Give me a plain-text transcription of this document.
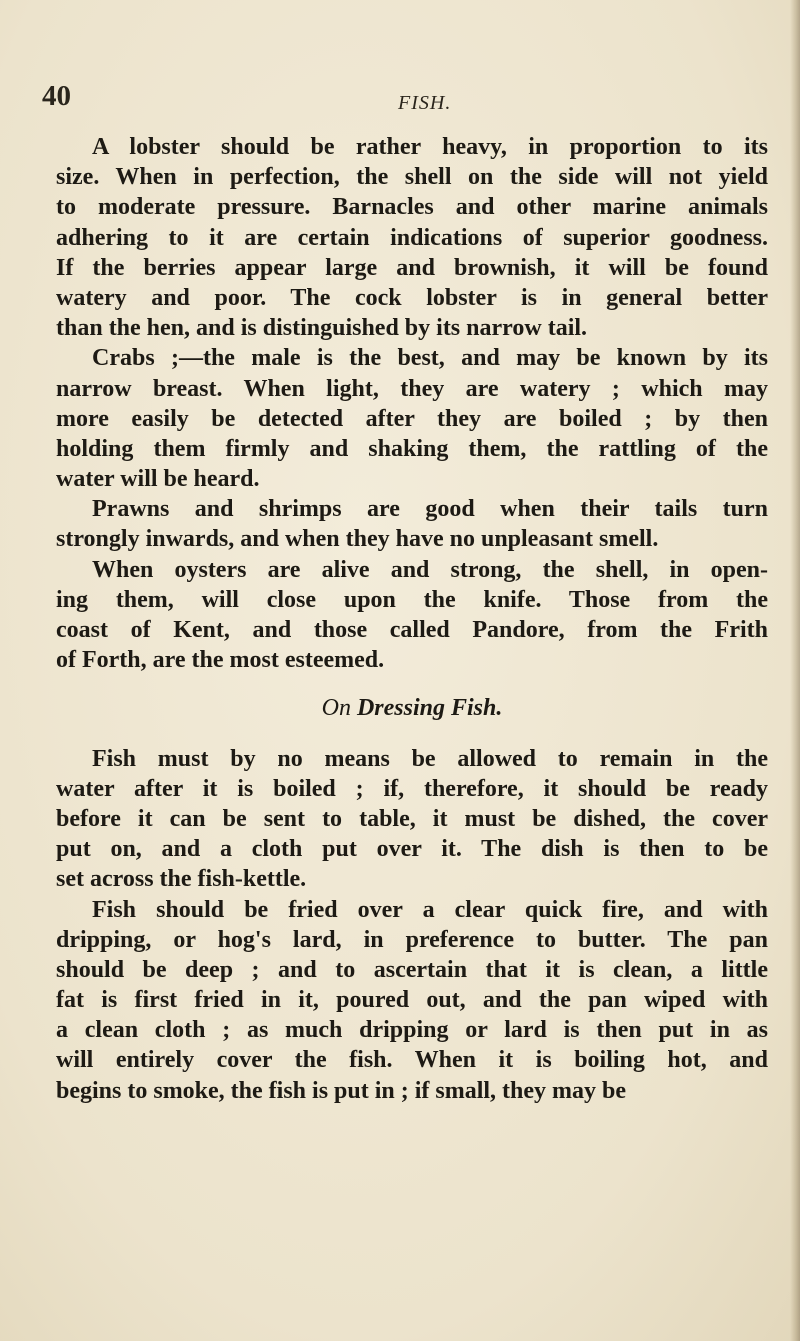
40	FISH.
A lobster should be rather heavy, in proportion to its
size. When in perfection, the shell on the side will not yield
to moderate pressure. Barnacles and other marine animals
adhering to it are certain indications of superior goodness.
If the berries appear large and brownish, it will be found
watery and poor. The cock lobster is in general better
than the hen, and is distinguished by its narrow tail.
Crabs ;—the male is the best, and may be known by its
narrow breast. When light, they are watery ; which may
more easily be detected after they are boiled ; by then
holding them firmly and shaking them, the rattling of the
water will be heard.
Prawns and shrimps are good when their tails turn
strongly inwards, and when they have no unpleasant smell.
When oysters are alive and strong, the shell, in open-
ing them, will close upon the knife. Those from the
coast of Kent, and those called Pandore, from the Frith
of Forth, are the most esteemed.
On Dressing Fish.
Fish must by no means be allowed to remain in the
water after it is boiled ; if, therefore, it should be ready
before it can be sent to table, it must be dished, the cover
put on, and a cloth put over it. The dish is then to be
set across the fish-kettle.
Fish should be fried over a clear quick fire, and with
dripping, or hog's lard, in preference to butter. The pan
should be deep ; and to ascertain that it is clean, a little
fat is first fried in it, poured out, and the pan wiped with
a clean cloth ; as much dripping or lard is then put in as
will entirely cover the fish. When it is boiling hot, and
begins to smoke, the fish is put in ; if small, they may be
